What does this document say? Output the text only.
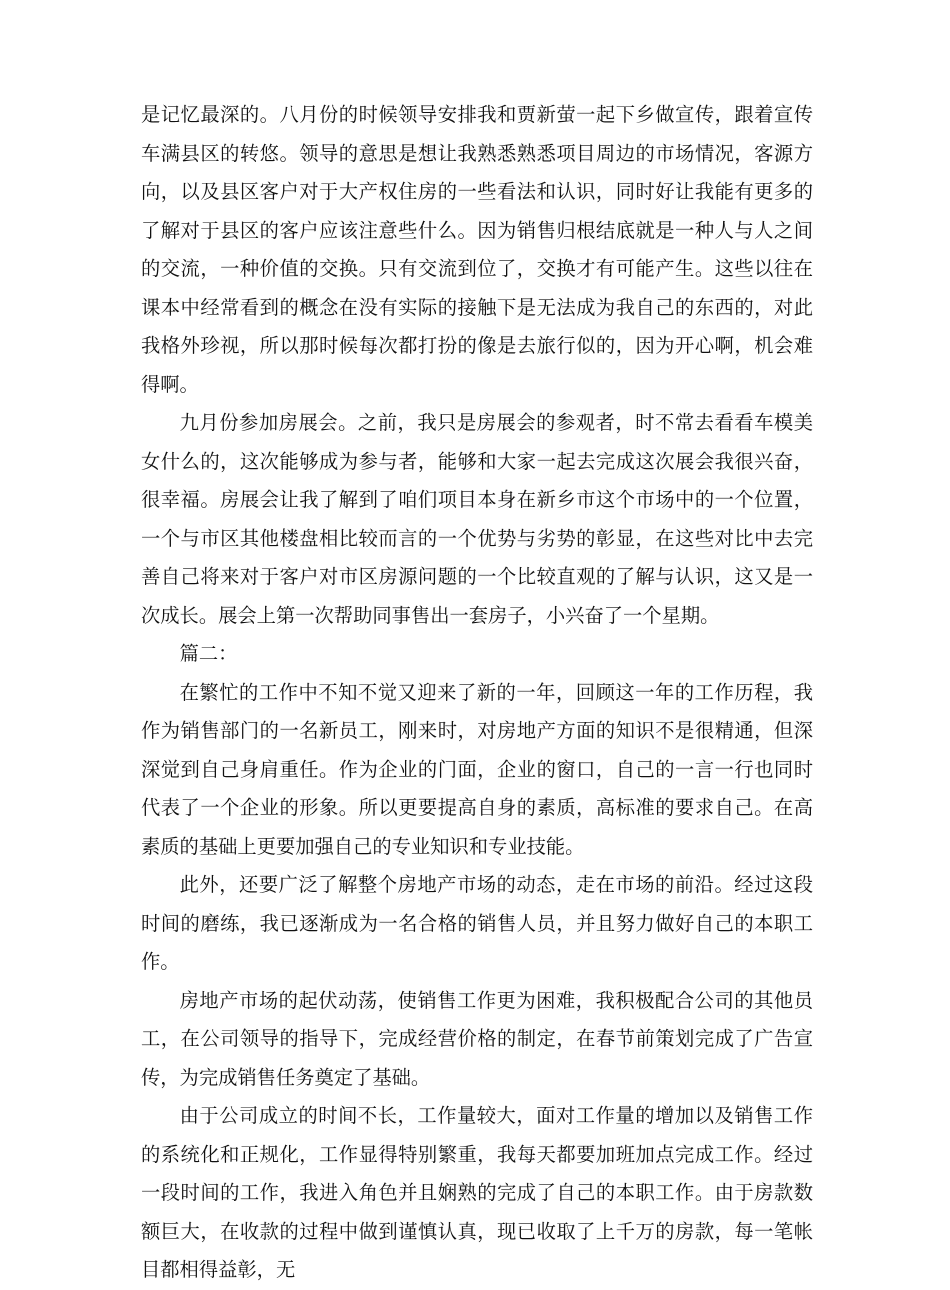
是记忆最深的。八月份的时候领导安排我和贾新萤一起下乡做宣传，跟着宣传车满县区的转悠。领导的意思是想让我熟悉熟悉项目周边的市场情况，客源方向，以及县区客户对于大产权住房的一些看法和认识，同时好让我能有更多的了解对于县区的客户应该注意些什么。因为销售归根结底就是一种人与人之间的交流，一种价值的交换。只有交流到位了，交换才有可能产生。这些以往在课本中经常看到的概念在没有实际的接触下是无法成为我自己的东西的，对此我格外珍视，所以那时候每次都打扮的像是去旅行似的，因为开心啊，机会难得啊。

九月份参加房展会。之前，我只是房展会的参观者，时不常去看看车模美女什么的，这次能够成为参与者，能够和大家一起去完成这次展会我很兴奋，很幸福。房展会让我了解到了咱们项目本身在新乡市这个市场中的一个位置，一个与市区其他楼盘相比较而言的一个优势与劣势的彰显，在这些对比中去完善自己将来对于客户对市区房源问题的一个比较直观的了解与认识，这又是一次成长。展会上第一次帮助同事售出一套房子，小兴奋了一个星期。

篇二：

在繁忙的工作中不知不觉又迎来了新的一年，回顾这一年的工作历程，我作为销售部门的一名新员工，刚来时，对房地产方面的知识不是很精通，但深深觉到自己身肩重任。作为企业的门面，企业的窗口，自己的一言一行也同时代表了一个企业的形象。所以更要提高自身的素质，高标准的要求自己。在高素质的基础上更要加强自己的专业知识和专业技能。

此外，还要广泛了解整个房地产市场的动态，走在市场的前沿。经过这段时间的磨练，我已逐渐成为一名合格的销售人员，并且努力做好自己的本职工作。

房地产市场的起伏动荡，使销售工作更为困难，我积极配合公司的其他员工，在公司领导的指导下，完成经营价格的制定，在春节前策划完成了广告宣传，为完成销售任务奠定了基础。

由于公司成立的时间不长，工作量较大，面对工作量的增加以及销售工作的系统化和正规化，工作显得特别繁重，我每天都要加班加点完成工作。经过一段时间的工作，我进入角色并且娴熟的完成了自己的本职工作。由于房款数额巨大，在收款的过程中做到谨慎认真，现已收取了上千万的房款，每一笔帐目都相得益彰，无
